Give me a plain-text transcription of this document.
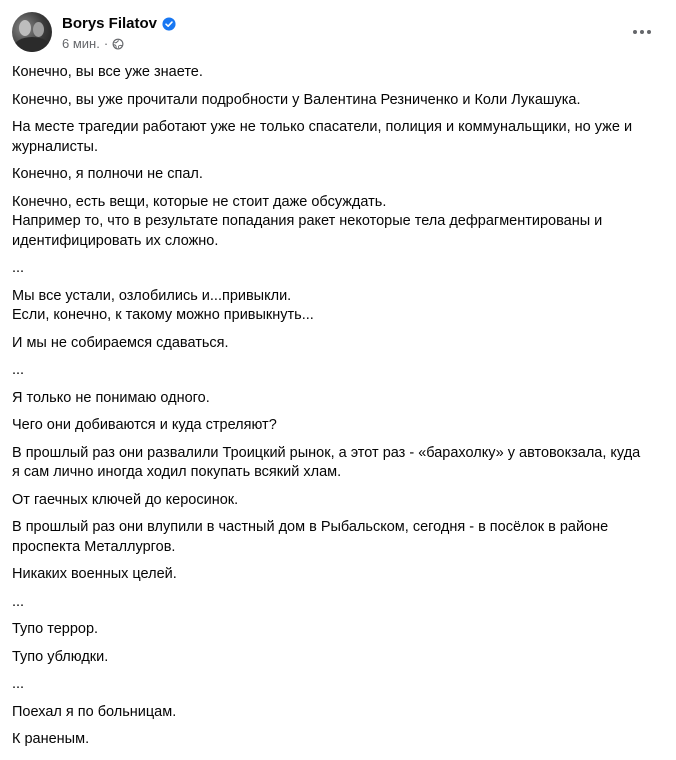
Borys Filatov
6 мин. ·

Конечно, вы все уже знаете.

Конечно, вы уже прочитали подробности у Валентина Резниченко и Коли Лукашука.

На месте трагедии работают уже не только спасатели, полиция и коммунальщики, но уже и
журналисты.

Конечно, я полночи не спал.

Конечно, есть вещи, которые не стоит даже обсуждать.
Например то, что в результате попадания ракет некоторые тела дефрагментированы и
идентифицировать их сложно.

...

Мы все устали, озлобились и...привыкли.
Если, конечно, к такому можно привыкнуть...

И мы не собираемся сдаваться.

...

Я только не понимаю одного.

Чего они добиваются и куда стреляют?

В прошлый раз они развалили Троицкий рынок, а этот раз - «барахолку» у автовокзала, куда
я сам лично иногда ходил покупать всякий хлам.

От гаечных ключей до керосинок.

В прошлый раз они влупили в частный дом в Рыбальском, сегодня - в посёлок в районе
проспекта Металлургов.

Никаких военных целей.

...

Тупо террор.

Тупо ублюдки.

...

Поехал я по больницам.

К раненым.
